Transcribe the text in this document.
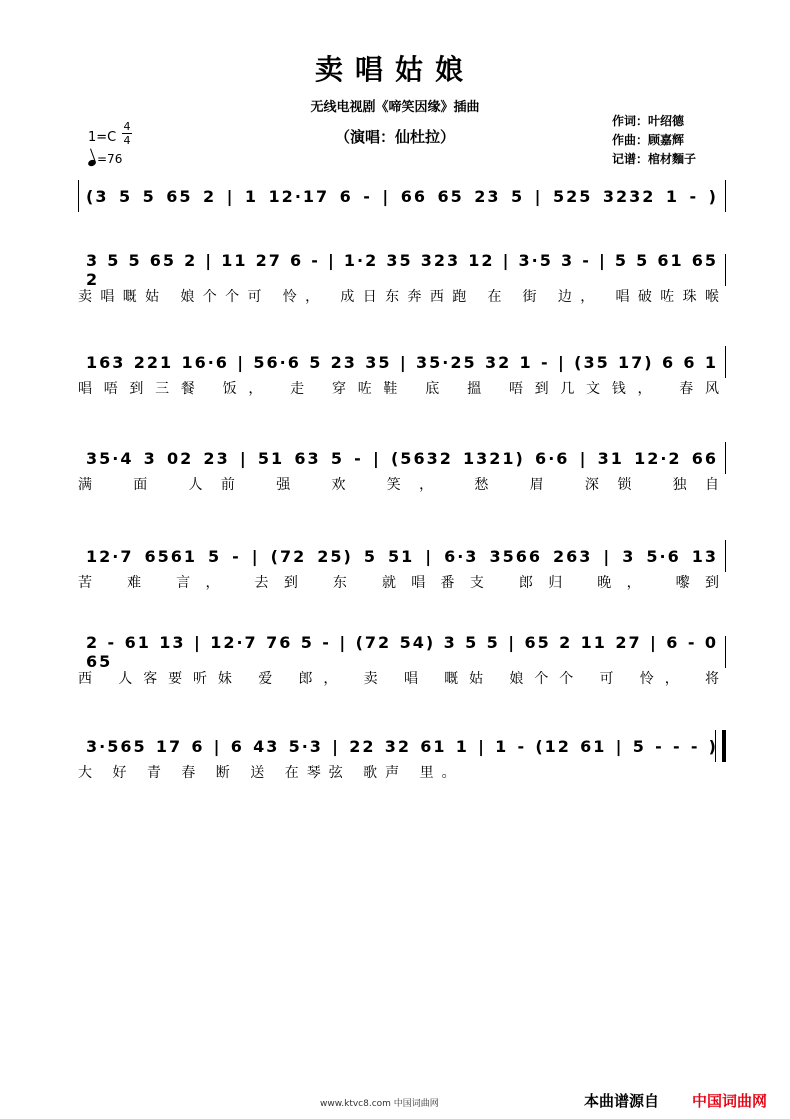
卖唱姑娘
无线电视剧《啼笑因缘》插曲
（演唱：仙杜拉）
作词：叶绍德
作曲：顾嘉辉
记谱：棺材麵子
1=C
4
4
=76
(3 5 5 65 2 | 1 12·17 6 - | 66 65 23 5 | 525 3232 1 - )
3 5 5 65 2 | 11 27 6 - | 1·2 35 323 12 | 3·5 3 - | 5 5 61 65 2
卖唱嘅姑 娘个个可 怜， 成日东奔西跑 在 街 边， 唱破咗珠喉
163 221 16·6 | 56·6 5 23 35 | 35·25 32 1 - | (35 17) 6 6 1
唱唔到三餐 饭， 走 穿咗鞋 底 搵 唔到几文钱， 春风
35·4 3 02 23 | 51 63 5 - | (5632 1321) 6·6 | 31 12·2 66
满 面 人前 强 欢 笑， 愁 眉 深锁 独自
12·7 6561 5 - | (72 25) 5 51 | 6·3 3566 263 | 3 5·6 13
苦 难 言， 去到 东 就唱番支 郎归 晚， 嚟到
2 - 61 13 | 12·7 76 5 - | (72 54) 3 5 5 | 65 2 11 27 | 6 - 0 65
西 人客要听妹 爱 郎， 卖 唱 嘅姑 娘个个 可 怜， 将
3·565 17 6 | 6 43 5·3 | 22 32 61 1 | 1 - (12 61 | 5 - - - )
大 好 青 春 断 送 在琴弦 歌声 里。
www.ktvc8.com 中国词曲网	本曲谱源自 中国词曲网
